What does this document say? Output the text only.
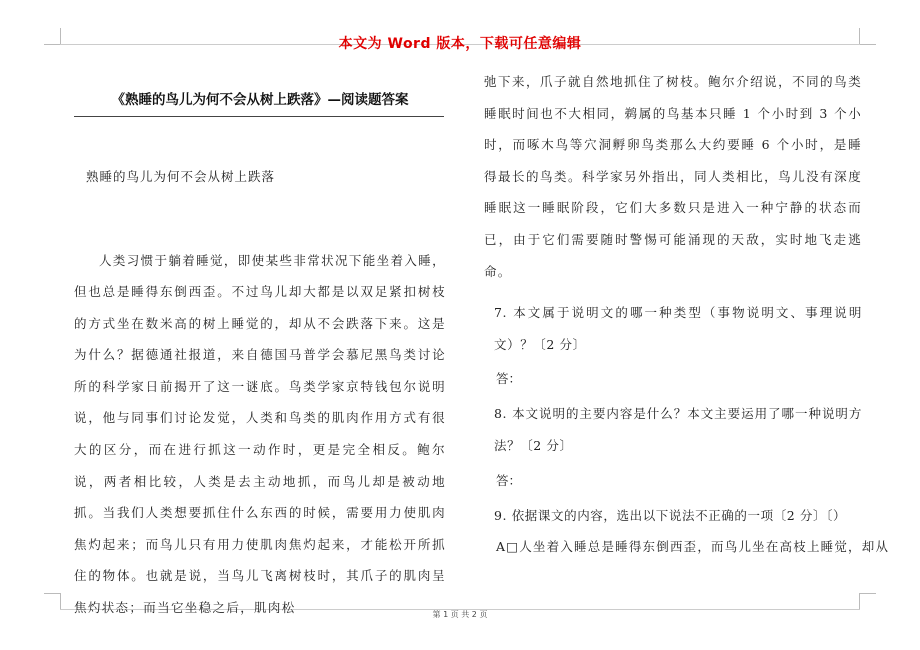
本文为 Word 版本，下载可任意编辑
《熟睡的鸟儿为何不会从树上跌落》—阅读题答案
熟睡的鸟儿为何不会从树上跌落

人类习惯于躺着睡觉，即使某些非常状况下能坐着入睡，但也总是睡得东倒西歪。不过鸟儿却大都是以双足紧扣树枝的方式坐在数米高的树上睡觉的，却从不会跌落下来。这是为什么？据德通社报道，来自德国马普学会慕尼黑鸟类讨论所的科学家日前揭开了这一谜底。鸟类学家京特钱包尔说明说，他与同事们讨论发觉，人类和鸟类的肌肉作用方式有很大的区分，而在进行抓这一动作时，更是完全相反。鲍尔说，两者相比较，人类是去主动地抓，而鸟儿却是被动地抓。当我们人类想要抓住什么东西的时候，需要用力使肌肉焦灼起来；而鸟儿只有用力使肌肉焦灼起来，才能松开所抓住的物体。也就是说，当鸟儿飞离树枝时，其爪子的肌肉呈焦灼状态；而当它坐稳之后，肌肉松

弛下来，爪子就自然地抓住了树枝。鲍尔介绍说，不同的鸟类睡眠时间也不大相同，鹈属的鸟基本只睡 1 个小时到 3 个小时，而啄木鸟等穴洞孵卵鸟类那么大约要睡 6 个小时，是睡得最长的鸟类。科学家另外指出，同人类相比，鸟儿没有深度睡眠这一睡眠阶段，它们大多数只是进入一种宁静的状态而已，由于它们需要随时警惕可能涌现的天敌，实时地飞走逃命。

7. 本文属于说明文的哪一种类型（事物说明文、事理说明文）？〔2 分〕

答：

8. 本文说明的主要内容是什么？本文主要运用了哪一种说明方法？〔2 分〕

答：

9. 依据课文的内容，选出以下说法不正确的一项〔2 分〕〔）

A□人坐着入睡总是睡得东倒西歪，而鸟儿坐在高枝上睡觉，却从

第 1 页 共 2 页
